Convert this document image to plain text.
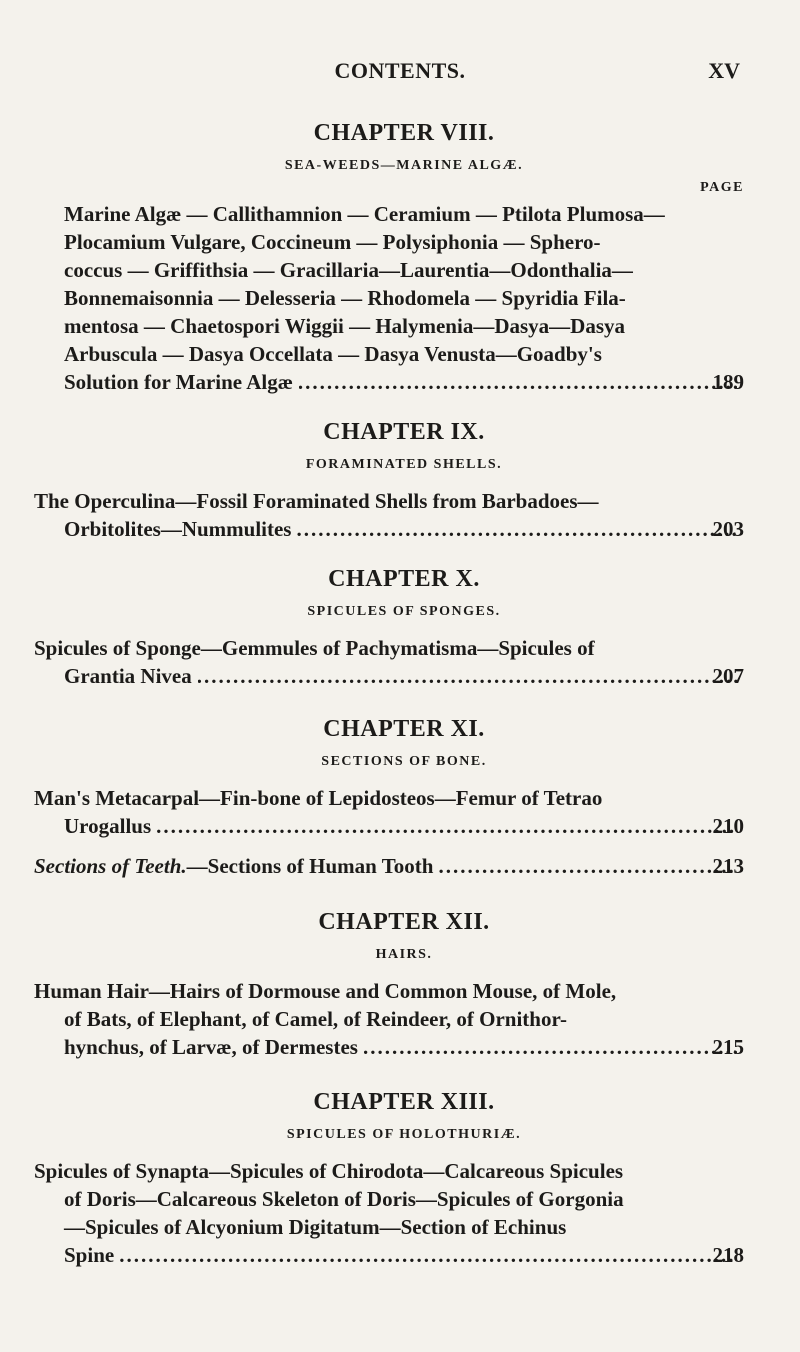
CONTENTS.	XV
CHAPTER VIII.
SEA-WEEDS—MARINE ALGÆ.
PAGE
Marine Algæ — Callithamnion — Ceramium — Ptilota Plumosa—
Plocamium Vulgare, Coccineum — Polysiphonia — Sphero-
coccus — Griffithsia — Gracillaria—Laurentia—Odonthalia—
Bonnemaisonnia — Delesseria — Rhodomela — Spyridia Fila-
mentosa — Chaetospori Wiggii — Halymenia—Dasya—Dasya
Arbuscula — Dasya Occellata — Dasya Venusta—Goadby's
Solution for Marine Algæ .....	189
CHAPTER IX.
FORAMINATED SHELLS.
The Operculina—Fossil Foraminated Shells from Barbadoes—
Orbitolites—Nummulites .....	203
CHAPTER X.
SPICULES OF SPONGES.
Spicules of Sponge—Gemmules of Pachymatisma—Spicules of
Grantia Nivea .....	207
CHAPTER XI.
SECTIONS OF BONE.
Man's Metacarpal—Fin-bone of Lepidosteos—Femur of Tetrao
Urogallus .....	210
Sections of Teeth.—Sections of Human Tooth .....	213
CHAPTER XII.
HAIRS.
Human Hair—Hairs of Dormouse and Common Mouse, of Mole,
of Bats, of Elephant, of Camel, of Reindeer, of Ornithor-
hynchus, of Larvæ, of Dermestes .....	215
CHAPTER XIII.
SPICULES OF HOLOTHURIÆ.
Spicules of Synapta—Spicules of Chirodota—Calcareous Spicules
of Doris—Calcareous Skeleton of Doris—Spicules of Gorgonia
—Spicules of Alcyonium Digitatum—Section of Echinus
Spine .....	218
